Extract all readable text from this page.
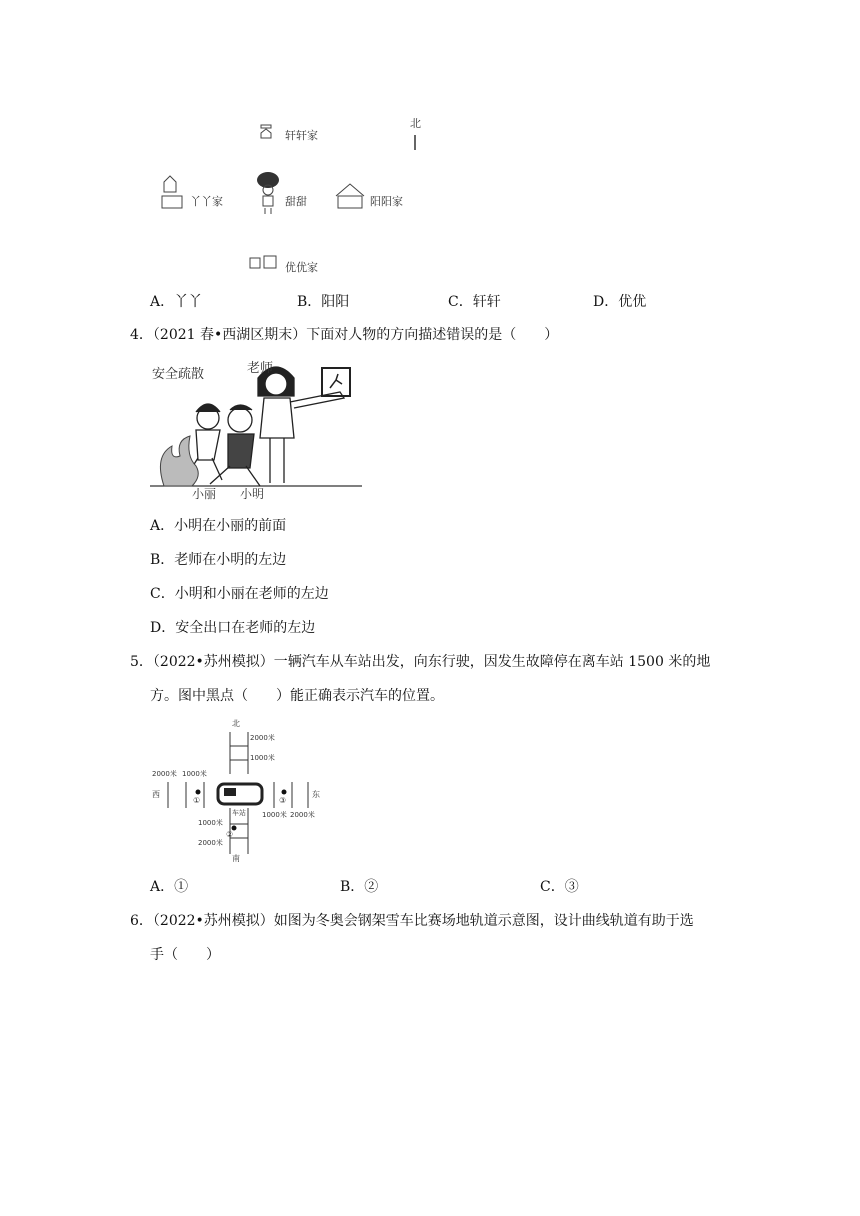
北
轩轩家
丫丫家	甜甜	阳阳家
优优家
A．丫丫	B．阳阳	C．轩轩	D．优优
4．（2021 春•西湖区期末）下面对人物的方向描述错误的是（　　）
安全疏散	老师
小丽 小明
A．小明在小丽的前面
B．老师在小明的左边
C．小明和小丽在老师的左边
D．安全出口在老师的左边
5．（2022•苏州模拟）一辆汽车从车站出发，向东行驶，因发生故障停在离车站 1500 米的地
方。图中黑点（　　）能正确表示汽车的位置。
北
2000米
1000米
2000米 1000米
西
①	③
东
1000米 2000米
车站
1000米
②
2000米
南
A．①	B．②	C．③
6．（2022•苏州模拟）如图为冬奥会钢架雪车比赛场地轨道示意图，设计曲线轨道有助于选
手（　　）
